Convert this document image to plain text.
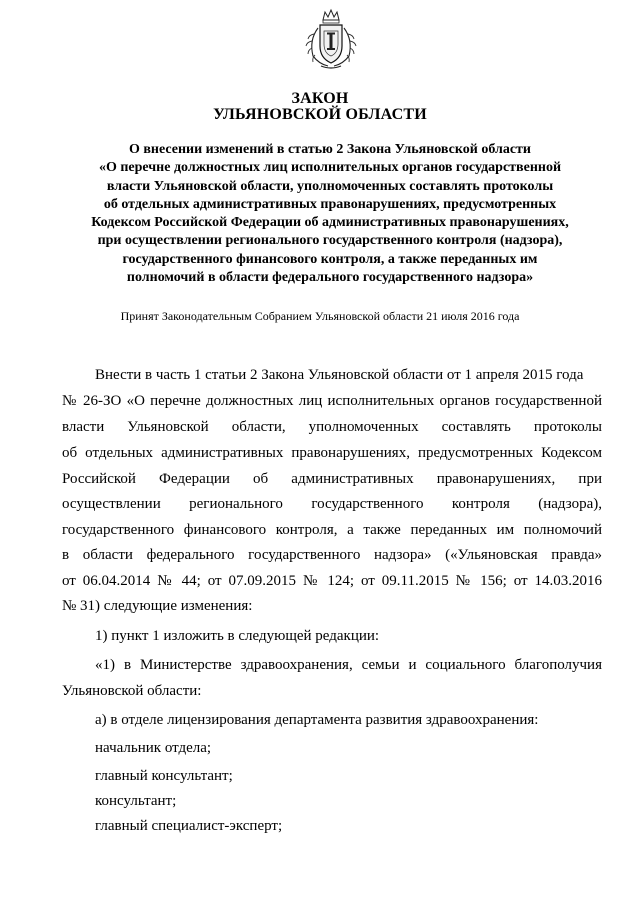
ЗАКОН
УЛЬЯНОВСКОЙ ОБЛАСТИ
О внесении изменений в статью 2 Закона Ульяновской области
«О перечне должностных лиц исполнительных органов государственной
власти Ульяновской области, уполномоченных составлять протоколы
об отдельных административных правонарушениях, предусмотренных
Кодексом Российской Федерации об административных правонарушениях,
при осуществлении регионального государственного контроля (надзора),
государственного финансового контроля, а также переданных им
полномочий в области федерального государственного надзора»
Принят Законодательным Собранием Ульяновской области 21 июля 2016 года
Внести в часть 1 статьи 2 Закона Ульяновской области от 1 апреля 2015 года
№ 26-ЗО «О перечне должностных лиц исполнительных органов государственной
власти Ульяновской области, уполномоченных составлять протоколы
об отдельных административных правонарушениях, предусмотренных Кодексом
Российской Федерации об административных правонарушениях, при
осуществлении регионального государственного контроля (надзора),
государственного финансового контроля, а также переданных им полномочий
в области федерального государственного надзора» («Ульяновская правда»
от 06.04.2014 № 44; от 07.09.2015 № 124; от 09.11.2015 № 156; от 14.03.2016
№ 31) следующие изменения:
1) пункт 1 изложить в следующей редакции:
«1) в Министерстве здравоохранения, семьи и социального благополучия
Ульяновской области:
а) в отделе лицензирования департамента развития здравоохранения:
начальник отдела;
главный консультант;
консультант;
главный специалист-эксперт;
